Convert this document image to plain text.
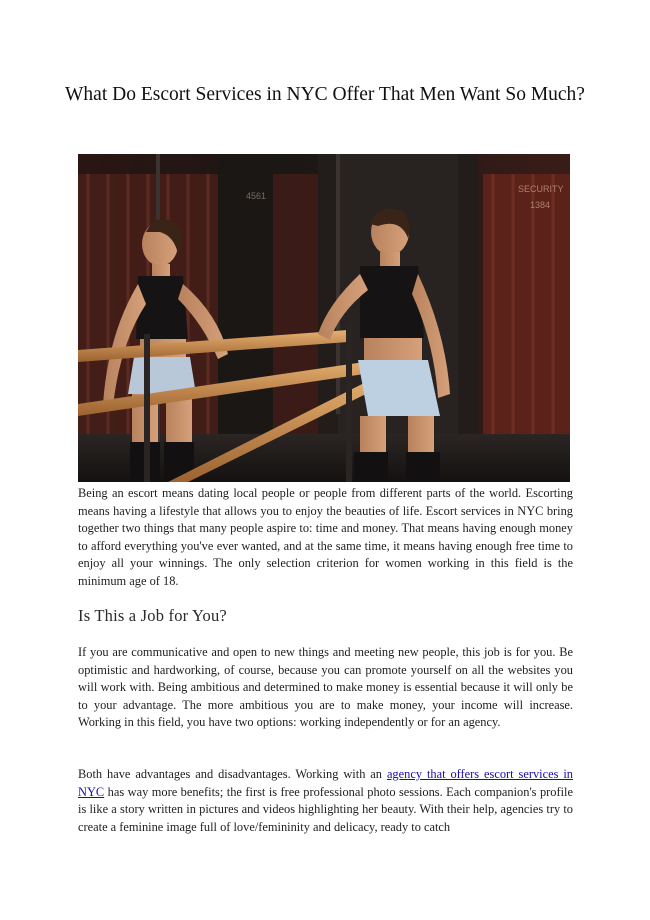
What Do Escort Services in NYC Offer That Men Want So Much?
4561
SECURITY
1384

Being an escort means dating local people or people from different parts of the world. Escorting means having a lifestyle that allows you to enjoy the beauties of life. Escort services in NYC bring together two things that many people aspire to: time and money. That means having enough money to afford everything you've ever wanted, and at the same time, it means having enough free time to enjoy all your winnings. The only selection criterion for women working in this field is the minimum age of 18.

Is This a Job for You?

If you are communicative and open to new things and meeting new people, this job is for you. Be optimistic and hardworking, of course, because you can promote yourself on all the websites you will work with. Being ambitious and determined to make money is essential because it will only be to your advantage. The more ambitious you are to make money, your income will increase. Working in this field, you have two options: working independently or for an agency.

Both have advantages and disadvantages. Working with an agency that offers escort services in NYC has way more benefits; the first is free professional photo sessions. Each companion's profile is like a story written in pictures and videos highlighting her beauty. With their help, agencies try to create a feminine image full of love/femininity and delicacy, ready to catch
